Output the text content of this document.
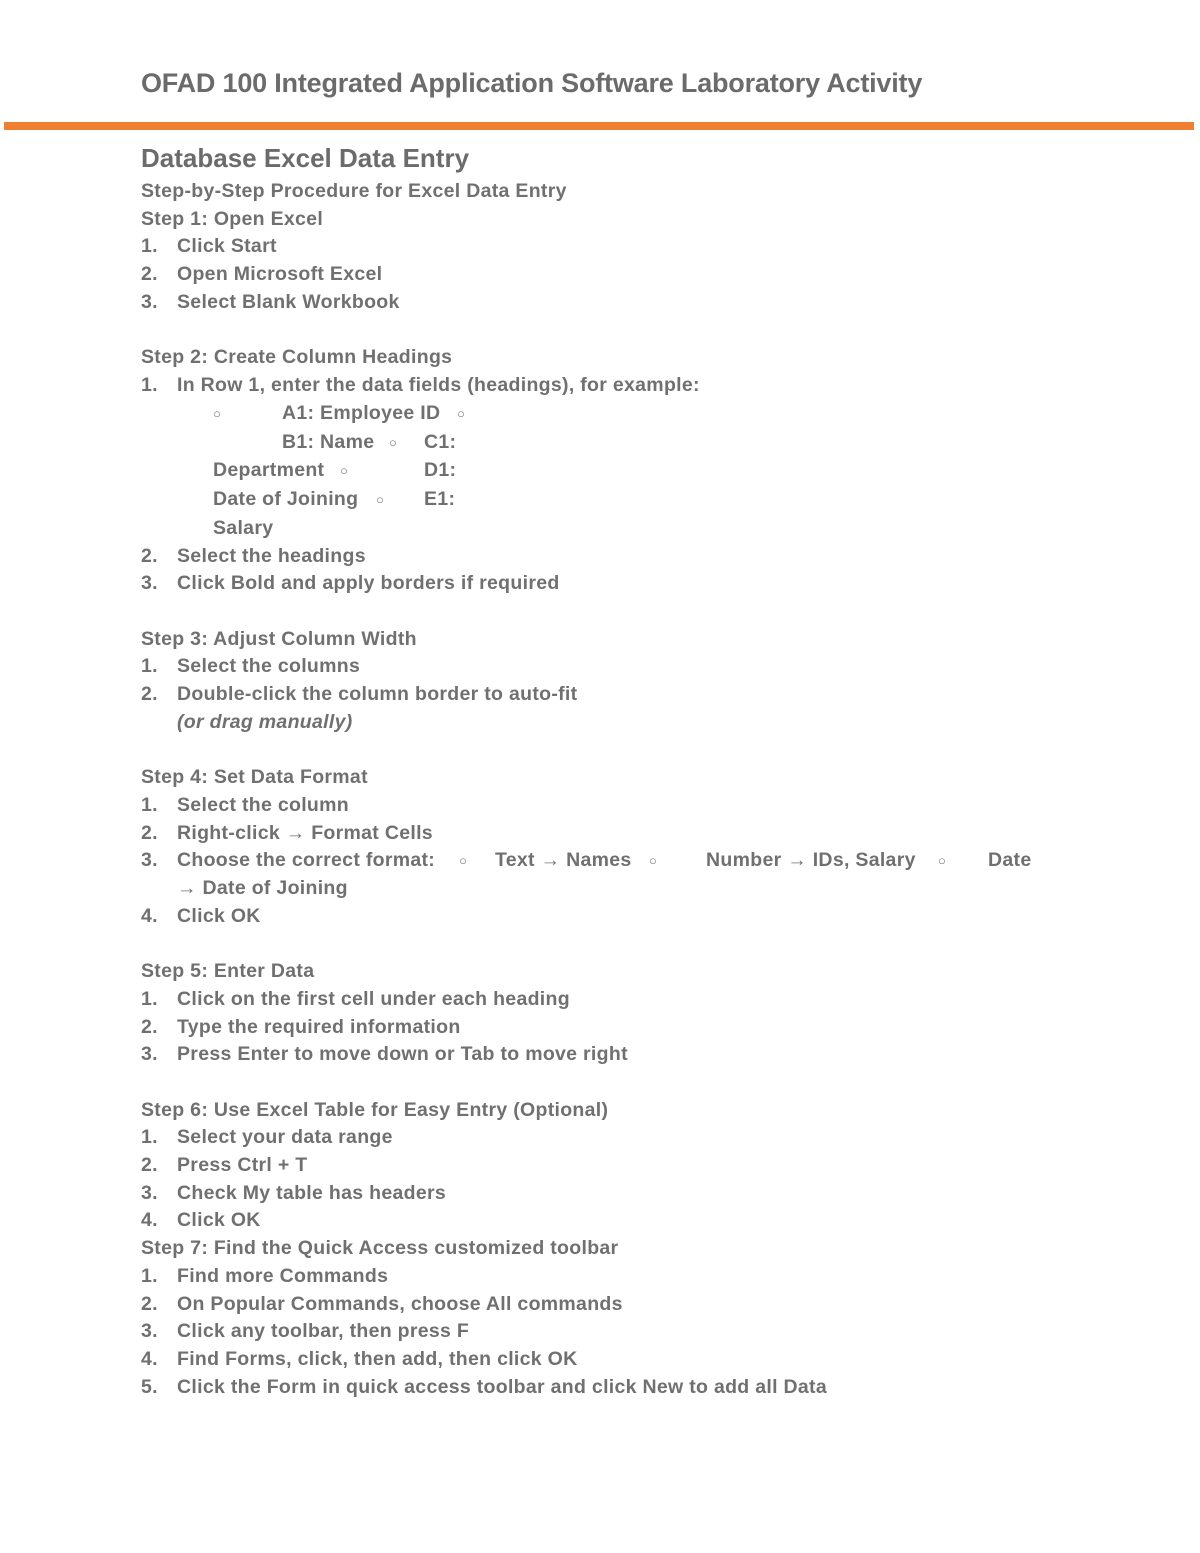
OFAD 100 Integrated Application Software Laboratory Activity
Database Excel Data Entry
Step-by-Step Procedure for Excel Data Entry
Step 1: Open Excel
1. Click Start
2. Open Microsoft Excel
3. Select Blank Workbook
Step 2: Create Column Headings
1. In Row 1, enter the data fields (headings), for example:
○	A1: Employee ID ○
B1: Name ○ C1:
Department ○	D1:
Date of Joining ○ E1:
Salary
2. Select the headings
3. Click Bold and apply borders if required
Step 3: Adjust Column Width
1. Select the columns
2. Double-click the column border to auto-fit
(or drag manually)
Step 4: Set Data Format
1. Select the column
2. Right-click → Format Cells
3. Choose the correct format: ○ Text → Names ○	Number → IDs, Salary ○ Date
→ Date of Joining
4. Click OK
Step 5: Enter Data
1. Click on the first cell under each heading
2. Type the required information
3. Press Enter to move down or Tab to move right
Step 6: Use Excel Table for Easy Entry (Optional)
1. Select your data range
2. Press Ctrl + T
3. Check My table has headers
4. Click OK
Step 7: Find the Quick Access customized toolbar
1. Find more Commands
2. On Popular Commands, choose All commands
3. Click any toolbar, then press F
4. Find Forms, click, then add, then click OK
5. Click the Form in quick access toolbar and click New to add all Data
